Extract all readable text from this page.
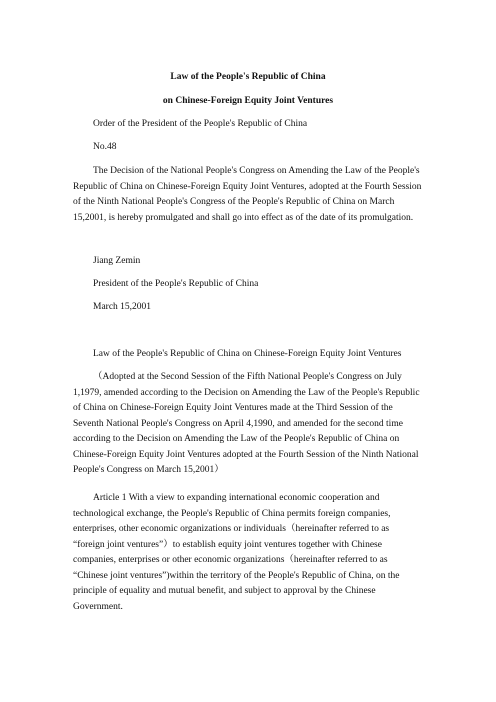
Law of the People's Republic of China
on Chinese-Foreign Equity Joint Ventures

Order of the President of the People's Republic of China

No.48

The Decision of the National People's Congress on Amending the Law of the People's Republic of China on Chinese-Foreign Equity Joint Ventures, adopted at the Fourth Session of the Ninth National People's Congress of the People's Republic of China on March 15,2001, is hereby promulgated and shall go into effect as of the date of its promulgation.

Jiang Zemin

President of the People's Republic of China

March 15,2001

Law of the People's Republic of China on Chinese-Foreign Equity Joint Ventures

（Adopted at the Second Session of the Fifth National People's Congress on July 1,1979, amended according to the Decision on Amending the Law of the People's Republic of China on Chinese-Foreign Equity Joint Ventures made at the Third Session of the Seventh National People's Congress on April 4,1990, and amended for the second time according to the Decision on Amending the Law of the People's Republic of China on Chinese-Foreign Equity Joint Ventures adopted at the Fourth Session of the Ninth National People's Congress on March 15,2001）

Article 1 With a view to expanding international economic cooperation and technological exchange, the People's Republic of China permits foreign companies, enterprises, other economic organizations or individuals（hereinafter referred to as “foreign joint ventures”）to establish equity joint ventures together with Chinese companies, enterprises or other economic organizations（hereinafter referred to as “Chinese joint ventures”)within the territory of the People's Republic of China, on the principle of equality and mutual benefit, and subject to approval by the Chinese Government.
